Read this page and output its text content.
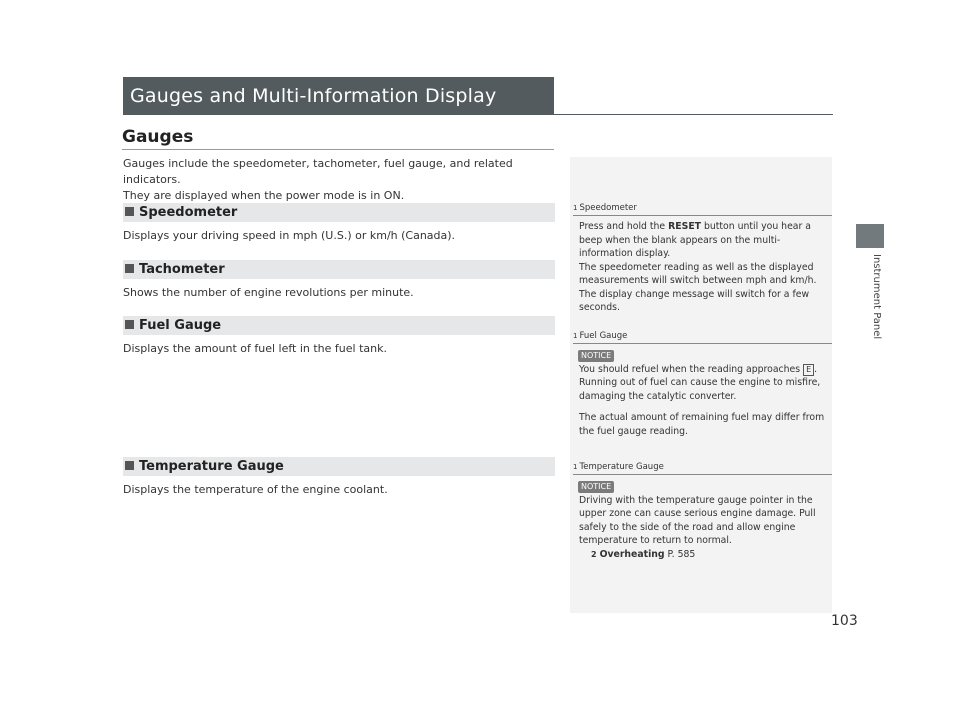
Gauges and Multi-Information Display
Instrument Panel
Gauges
Gauges include the speedometer, tachometer, fuel gauge, and related indicators.
They are displayed when the power mode is in ON.
Speedometer
Displays your driving speed in mph (U.S.) or km/h (Canada).
Tachometer
Shows the number of engine revolutions per minute.
Fuel Gauge
Displays the amount of fuel left in the fuel tank.
Temperature Gauge
Displays the temperature of the engine coolant.
1 Speedometer
Press and hold the RESET button until you hear a beep when the blank appears on the multi-information display.
The speedometer reading as well as the displayed measurements will switch between mph and km/h. The display change message will switch for a few seconds.
1 Fuel Gauge
NOTICE
You should refuel when the reading approaches E .
Running out of fuel can cause the engine to misfire, damaging the catalytic converter.
The actual amount of remaining fuel may differ from the fuel gauge reading.
1 Temperature Gauge
NOTICE
Driving with the temperature gauge pointer in the upper zone can cause serious engine damage. Pull safely to the side of the road and allow engine temperature to return to normal.
2 Overheating P. 585
103
